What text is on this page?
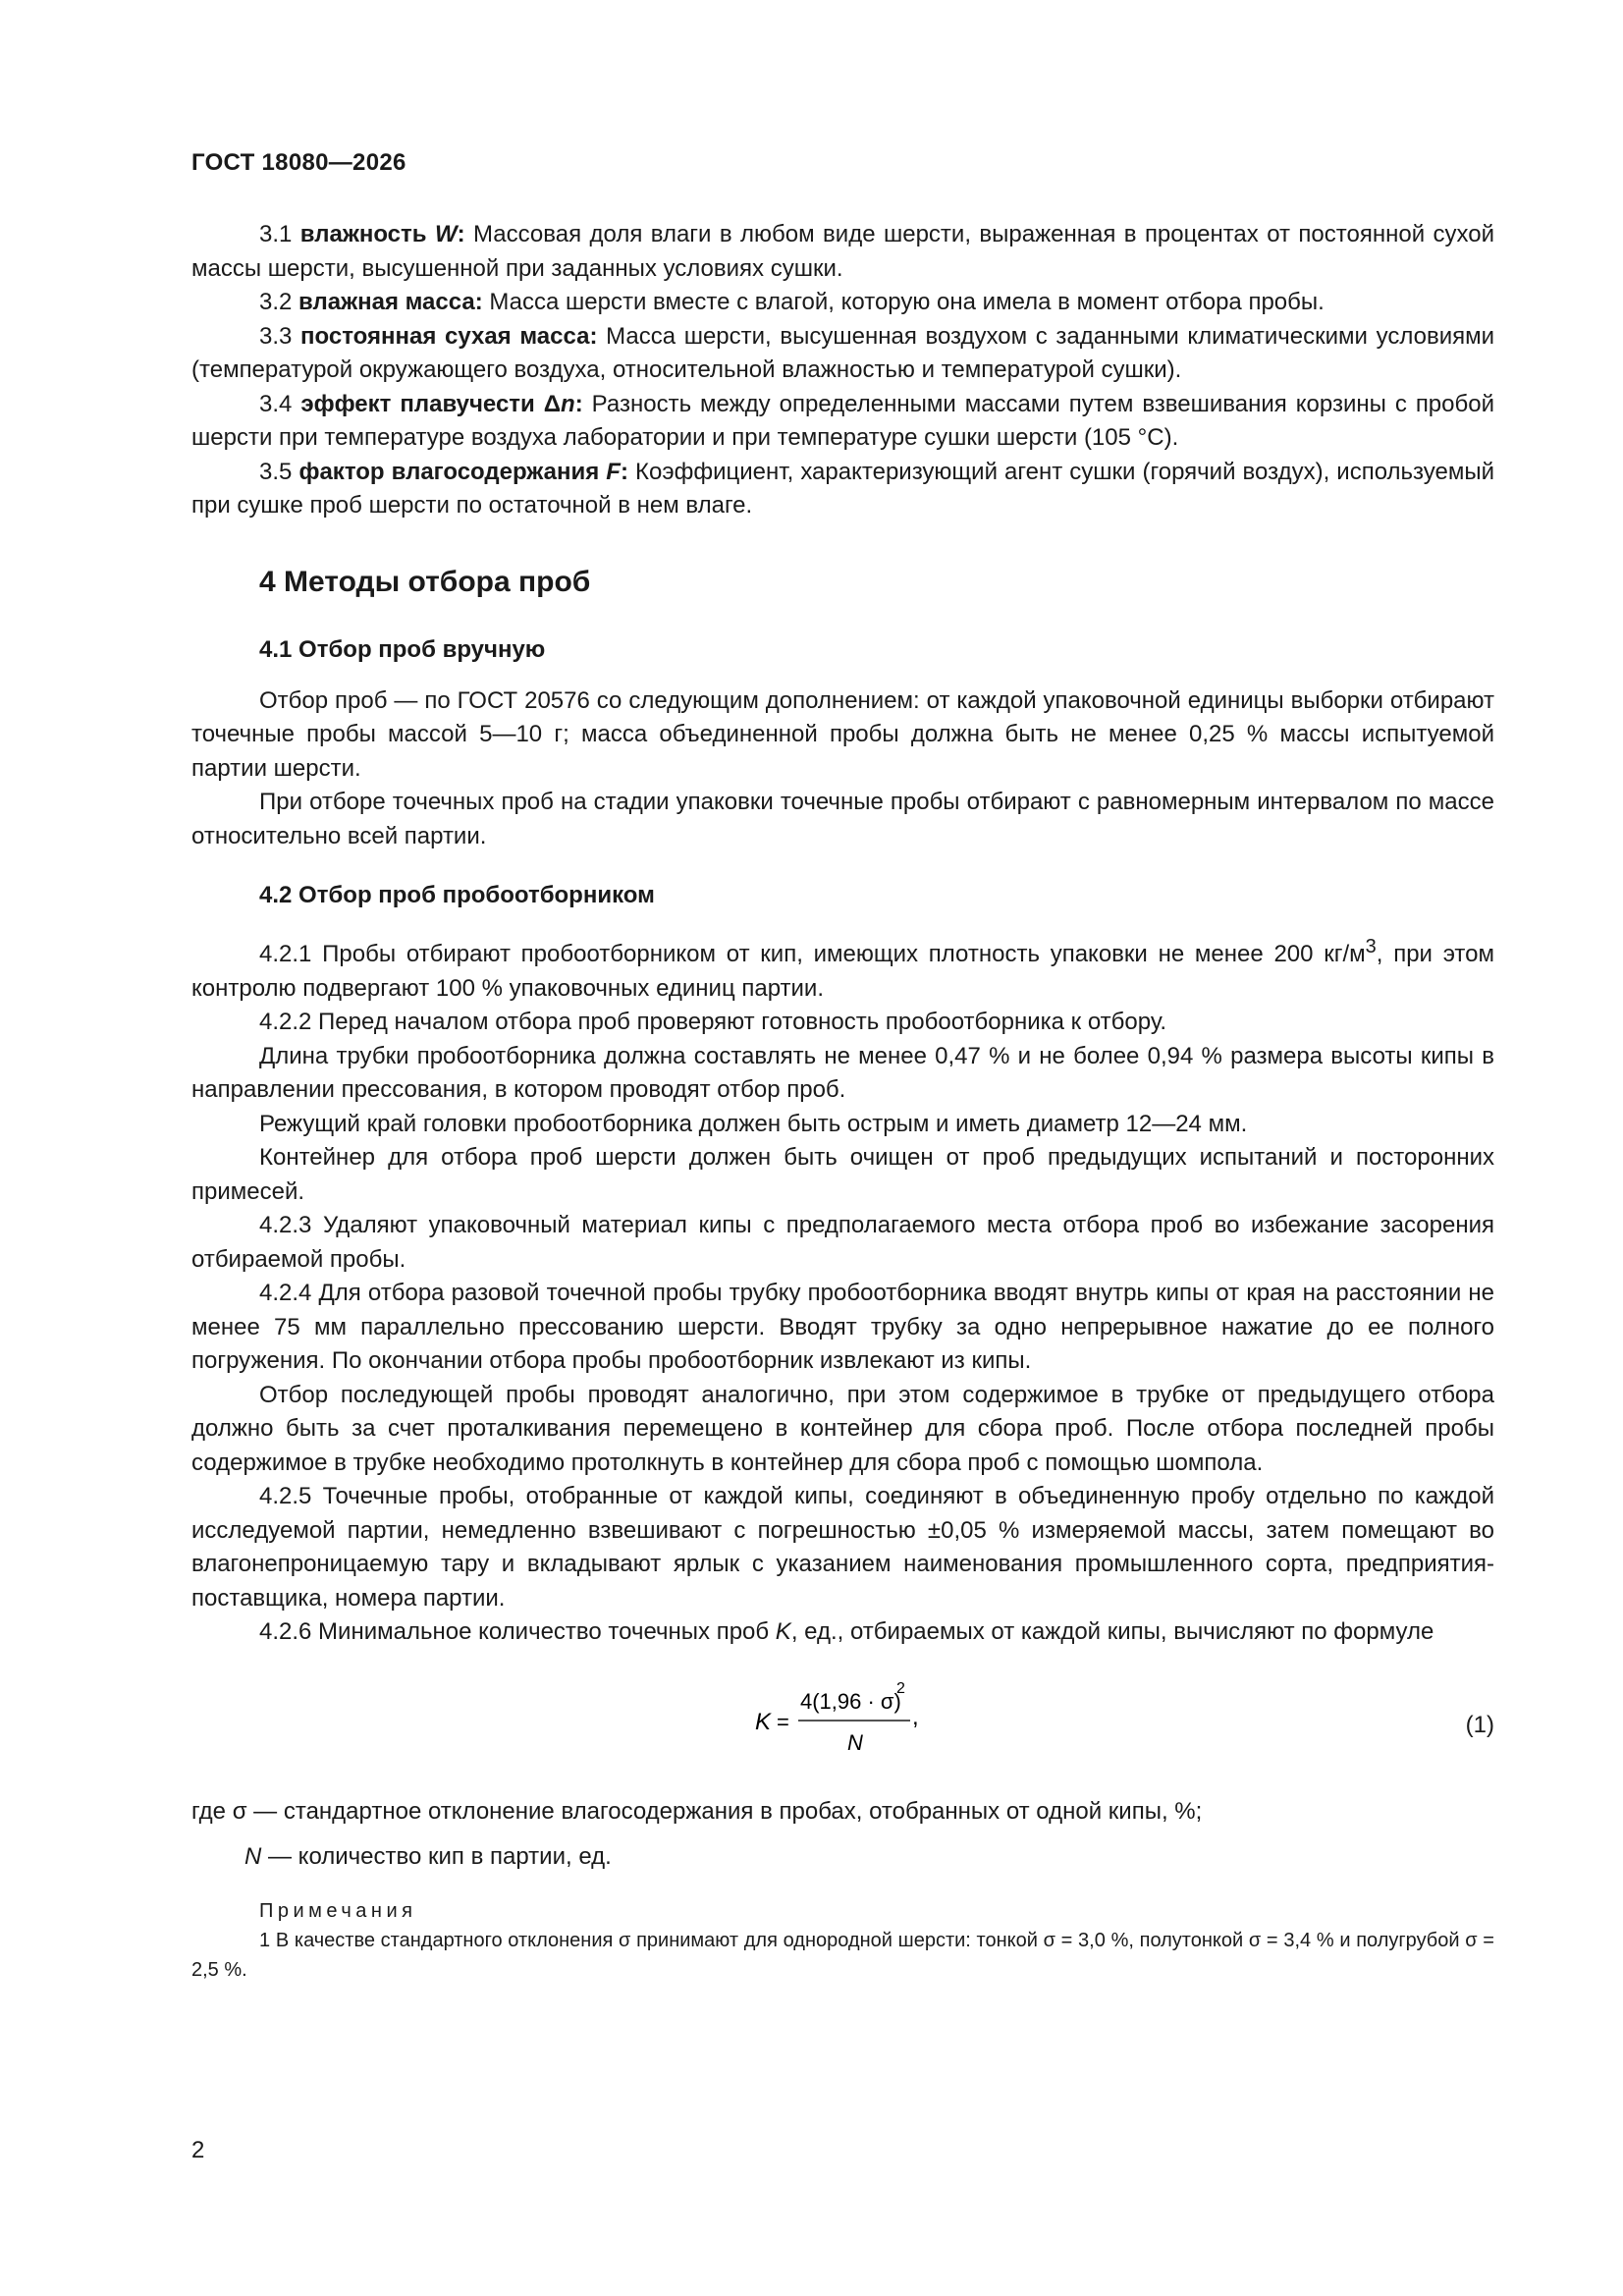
ГОСТ 18080—2026

3.1 влажность W: Массовая доля влаги в любом виде шерсти, выраженная в процентах от постоянной сухой массы шерсти, высушенной при заданных условиях сушки.

3.2 влажная масса: Масса шерсти вместе с влагой, которую она имела в момент отбора пробы.

3.3 постоянная сухая масса: Масса шерсти, высушенная воздухом с заданными климатическими условиями (температурой окружающего воздуха, относительной влажностью и температурой сушки).

3.4 эффект плавучести Δn: Разность между определенными массами путем взвешивания корзины с пробой шерсти при температуре воздуха лаборатории и при температуре сушки шерсти (105 °С).

3.5 фактор влагосодержания F: Коэффициент, характеризующий агент сушки (горячий воздух), используемый при сушке проб шерсти по остаточной в нем влаге.

4 Методы отбора проб
4.1 Отбор проб вручную

Отбор проб — по ГОСТ 20576 со следующим дополнением: от каждой упаковочной единицы выборки отбирают точечные пробы массой 5—10 г; масса объединенной пробы должна быть не менее 0,25 % массы испытуемой партии шерсти.

При отборе точечных проб на стадии упаковки точечные пробы отбирают с равномерным интервалом по массе относительно всей партии.

4.2 Отбор проб пробоотборником

4.2.1 Пробы отбирают пробоотборником от кип, имеющих плотность упаковки не менее 200 $кг/м^3$, при этом контролю подвергают 100 % упаковочных единиц партии.

4.2.2 Перед началом отбора проб проверяют готовность пробоотборника к отбору.

Длина трубки пробоотборника должна составлять не менее 0,47 % и не более 0,94 % размера высоты кипы в направлении прессования, в котором проводят отбор проб.

Режущий край головки пробоотборника должен быть острым и иметь диаметр 12—24 мм.

Контейнер для отбора проб шерсти должен быть очищен от проб предыдущих испытаний и посторонних примесей.

4.2.3 Удаляют упаковочный материал кипы с предполагаемого места отбора проб во избежание засорения отбираемой пробы.

4.2.4 Для отбора разовой точечной пробы трубку пробоотборника вводят внутрь кипы от края на расстоянии не менее 75 мм параллельно прессованию шерсти. Вводят трубку за одно непрерывное нажатие до ее полного погружения. По окончании отбора пробы пробоотборник извлекают из кипы.

Отбор последующей пробы проводят аналогично, при этом содержимое в трубке от предыдущего отбора должно быть за счет проталкивания перемещено в контейнер для сбора проб. После отбора последней пробы содержимое в трубке необходимо протолкнуть в контейнер для сбора проб с помощью шомпола.

4.2.5 Точечные пробы, отобранные от каждой кипы, соединяют в объединенную пробу отдельно по каждой исследуемой партии, немедленно взвешивают с погрешностью ±0,05 % измеряемой массы, затем помещают во влагонепроницаемую тару и вкладывают ярлык с указанием наименования промышленного сорта, предприятия-поставщика, номера партии.

4.2.6 Минимальное количество точечных проб K, ед., отбираемых от каждой кипы, вычисляют по формуле

K =
4(1,96 · σ)
2
N
,	(1)

где σ — стандартное отклонение влагосодержания в пробах, отобранных от одной кипы, %;

N — количество кип в партии, ед.

Примечания

1 В качестве стандартного отклонения σ принимают для однородной шерсти: тонкой σ = 3,0 %, полутонкой σ = 3,4 % и полугрубой σ = 2,5 %.

2
